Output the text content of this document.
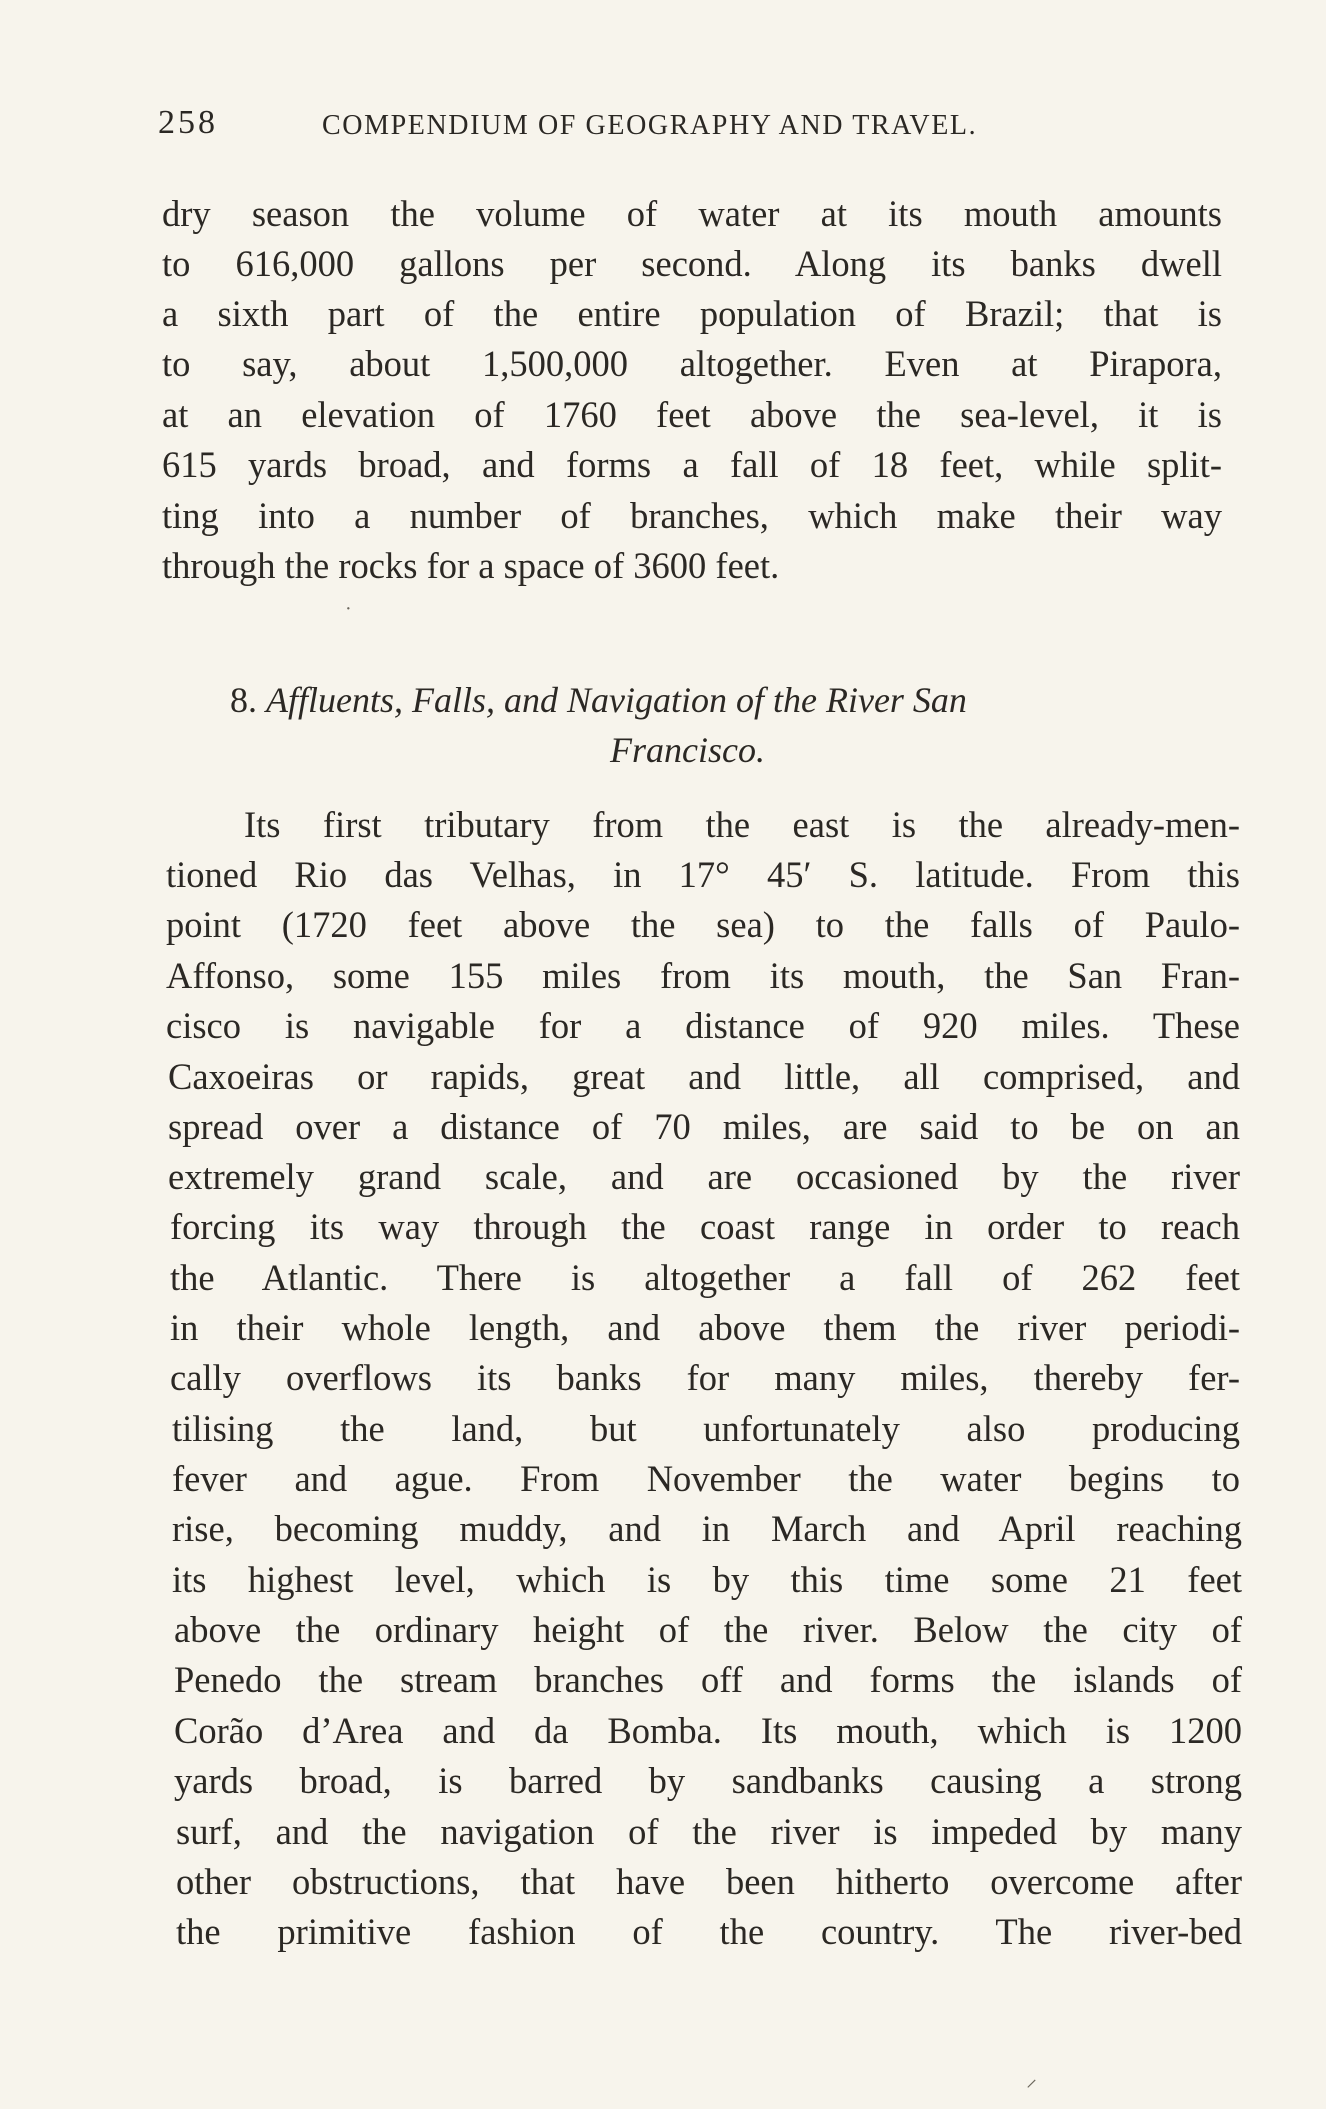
258	COMPENDIUM OF GEOGRAPHY AND TRAVEL.
dry season the volume of water at its mouth amounts
to 616,000 gallons per second. Along its banks dwell
a sixth part of the entire population of Brazil; that is
to say, about 1,500,000 altogether. Even at Pirapora,
at an elevation of 1760 feet above the sea-level, it is
615 yards broad, and forms a fall of 18 feet, while split-
ting into a number of branches, which make their way
through the rocks for a space of 3600 feet.
·
8. Affluents, Falls, and Navigation of the River San
Francisco.
Its first tributary from the east is the already-men-
tioned Rio das Velhas, in 17° 45′ S. latitude. From this
point (1720 feet above the sea) to the falls of Paulo-
Affonso, some 155 miles from its mouth, the San Fran-
cisco is navigable for a distance of 920 miles. These
Caxoeiras or rapids, great and little, all comprised, and
spread over a distance of 70 miles, are said to be on an
extremely grand scale, and are occasioned by the river
forcing its way through the coast range in order to reach
the Atlantic. There is altogether a fall of 262 feet
in their whole length, and above them the river periodi-
cally overflows its banks for many miles, thereby fer-
tilising the land, but unfortunately also producing
fever and ague. From November the water begins to
rise, becoming muddy, and in March and April reaching
its highest level, which is by this time some 21 feet
above the ordinary height of the river. Below the city of
Penedo the stream branches off and forms the islands of
Corão d’Area and da Bomba. Its mouth, which is 1200
yards broad, is barred by sandbanks causing a strong
surf, and the navigation of the river is impeded by many
other obstructions, that have been hitherto overcome after
the primitive fashion of the country. The river-bed
⸝
